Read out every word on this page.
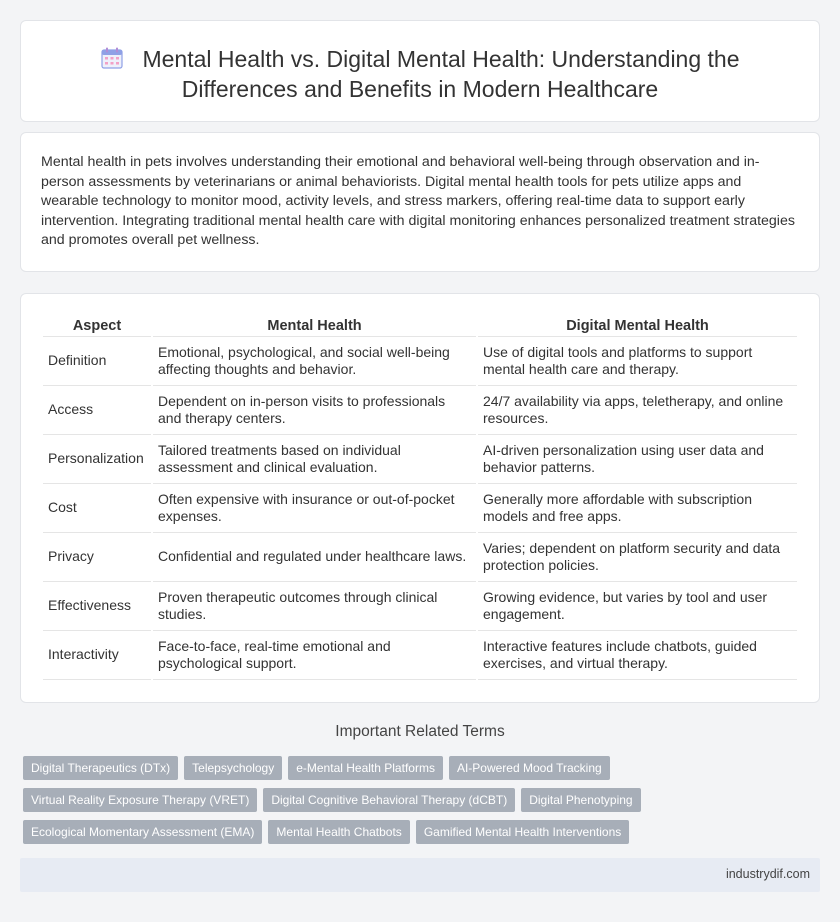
Mental Health vs. Digital Mental Health: Understanding the
Differences and Benefits in Modern Healthcare

Mental health in pets involves understanding their emotional and behavioral well-being through observation and in-person assessments by veterinarians or animal behaviorists. Digital mental health tools for pets utilize apps and wearable technology to monitor mood, activity levels, and stress markers, offering real-time data to support early intervention. Integrating traditional mental health care with digital monitoring enhances personalized treatment strategies and promotes overall pet wellness.

Aspect	Mental Health	Digital Mental Health
Definition	Emotional, psychological, and social well-being affecting thoughts and behavior.	Use of digital tools and platforms to support mental health care and therapy.
Access	Dependent on in-person visits to professionals and therapy centers.	24/7 availability via apps, teletherapy, and online resources.
Personalization	Tailored treatments based on individual assessment and clinical evaluation.	AI-driven personalization using user data and behavior patterns.
Cost	Often expensive with insurance or out-of-pocket expenses.	Generally more affordable with subscription models and free apps.
Privacy	Confidential and regulated under healthcare laws.	Varies; dependent on platform security and data protection policies.
Effectiveness	Proven therapeutic outcomes through clinical studies.	Growing evidence, but varies by tool and user engagement.
Interactivity	Face-to-face, real-time emotional and psychological support.	Interactive features include chatbots, guided exercises, and virtual therapy.
Important Related Terms
Digital Therapeutics (DTx) Telepsychology e-Mental Health Platforms AI-Powered Mood Tracking
Virtual Reality Exposure Therapy (VRET) Digital Cognitive Behavioral Therapy (dCBT) Digital Phenotyping
Ecological Momentary Assessment (EMA) Mental Health Chatbots Gamified Mental Health Interventions
industrydif.com
